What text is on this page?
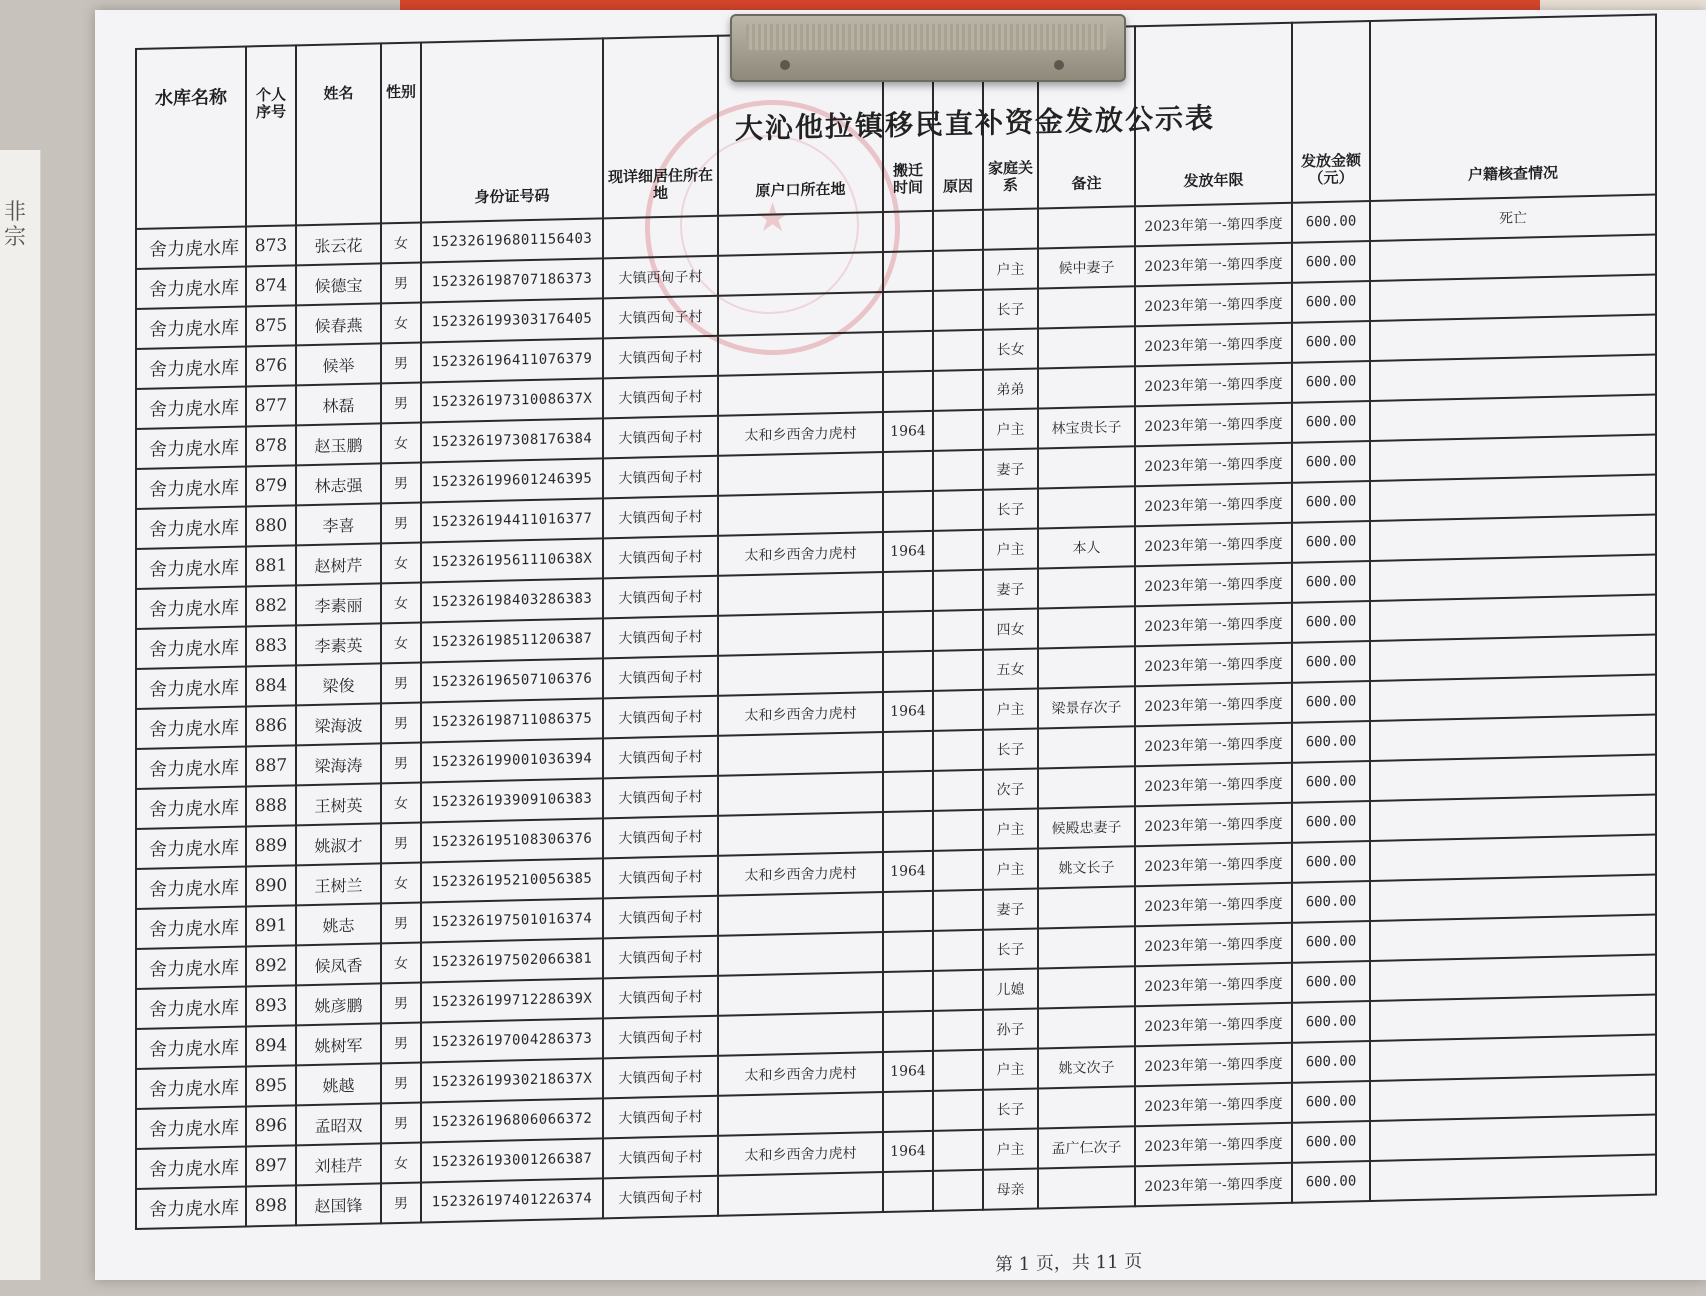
非
宗	★
大沁他拉镇移民直补资金发放公示表
水库名称	个人序号	姓名	性别	身份证号码	现详细居住所在地	原户口所在地	搬迁时间	原因	家庭关系	备注	发放年限	发放金额（元）	户籍核查情况
舍力虎水库	873	张云花	女	152326196801156403							2023年第一-第四季度	600.00	死亡
舍力虎水库	874	候德宝	男	152326198707186373	大镇西甸子村				户主	候中妻子	2023年第一-第四季度	600.00	
舍力虎水库	875	候春燕	女	152326199303176405	大镇西甸子村				长子		2023年第一-第四季度	600.00	
舍力虎水库	876	候举	男	152326196411076379	大镇西甸子村				长女		2023年第一-第四季度	600.00	
舍力虎水库	877	林磊	男	15232619731008637X	大镇西甸子村				弟弟		2023年第一-第四季度	600.00	
舍力虎水库	878	赵玉鹏	女	152326197308176384	大镇西甸子村	太和乡西舍力虎村	1964		户主	林宝贵长子	2023年第一-第四季度	600.00	
舍力虎水库	879	林志强	男	152326199601246395	大镇西甸子村				妻子		2023年第一-第四季度	600.00	
舍力虎水库	880	李喜	男	152326194411016377	大镇西甸子村				长子		2023年第一-第四季度	600.00	
舍力虎水库	881	赵树芹	女	15232619561110638X	大镇西甸子村	太和乡西舍力虎村	1964		户主	本人	2023年第一-第四季度	600.00	
舍力虎水库	882	李素丽	女	152326198403286383	大镇西甸子村				妻子		2023年第一-第四季度	600.00	
舍力虎水库	883	李素英	女	152326198511206387	大镇西甸子村				四女		2023年第一-第四季度	600.00	
舍力虎水库	884	梁俊	男	152326196507106376	大镇西甸子村				五女		2023年第一-第四季度	600.00	
舍力虎水库	886	梁海波	男	152326198711086375	大镇西甸子村	太和乡西舍力虎村	1964		户主	梁景存次子	2023年第一-第四季度	600.00	
舍力虎水库	887	梁海涛	男	152326199001036394	大镇西甸子村				长子		2023年第一-第四季度	600.00	
舍力虎水库	888	王树英	女	152326193909106383	大镇西甸子村				次子		2023年第一-第四季度	600.00	
舍力虎水库	889	姚淑才	男	152326195108306376	大镇西甸子村				户主	候殿忠妻子	2023年第一-第四季度	600.00	
舍力虎水库	890	王树兰	女	152326195210056385	大镇西甸子村	太和乡西舍力虎村	1964		户主	姚文长子	2023年第一-第四季度	600.00	
舍力虎水库	891	姚志	男	152326197501016374	大镇西甸子村				妻子		2023年第一-第四季度	600.00	
舍力虎水库	892	候凤香	女	152326197502066381	大镇西甸子村				长子		2023年第一-第四季度	600.00	
舍力虎水库	893	姚彦鹏	男	15232619971228639X	大镇西甸子村				儿媳		2023年第一-第四季度	600.00	
舍力虎水库	894	姚树军	男	152326197004286373	大镇西甸子村				孙子		2023年第一-第四季度	600.00	
舍力虎水库	895	姚越	男	15232619930218637X	大镇西甸子村	太和乡西舍力虎村	1964		户主	姚文次子	2023年第一-第四季度	600.00	
舍力虎水库	896	孟昭双	男	152326196806066372	大镇西甸子村				长子		2023年第一-第四季度	600.00	
舍力虎水库	897	刘桂芹	女	152326193001266387	大镇西甸子村	太和乡西舍力虎村	1964		户主	孟广仁次子	2023年第一-第四季度	600.00	
舍力虎水库	898	赵国锋	男	152326197401226374	大镇西甸子村				母亲		2023年第一-第四季度	600.00	
第 1 页，共 11 页
